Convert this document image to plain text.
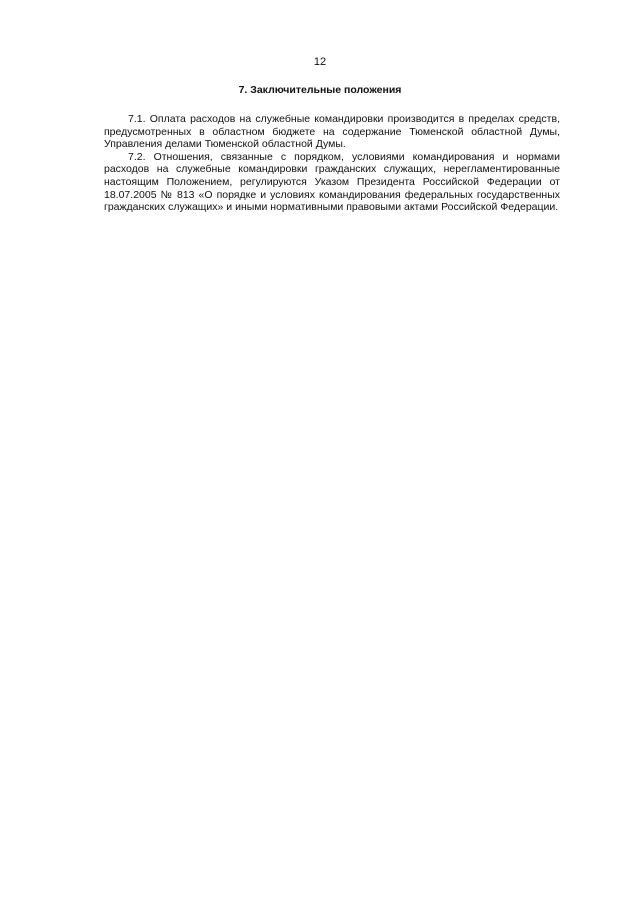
12
7. Заключительные положения

7.1. Оплата расходов на служебные командировки производится в пределах средств, предусмотренных в областном бюджете на содержание Тюменской областной Думы, Управления делами Тюменской областной Думы.

7.2. Отношения, связанные с порядком, условиями командирования и нормами расходов на служебные командировки гражданских служащих, нерегламентированные настоящим Положением, регулируются Указом Президента Российской Федерации от 18.07.2005 № 813 «О порядке и условиях командирования федеральных государственных гражданских служащих» и иными нормативными правовыми актами Российской Федерации.
